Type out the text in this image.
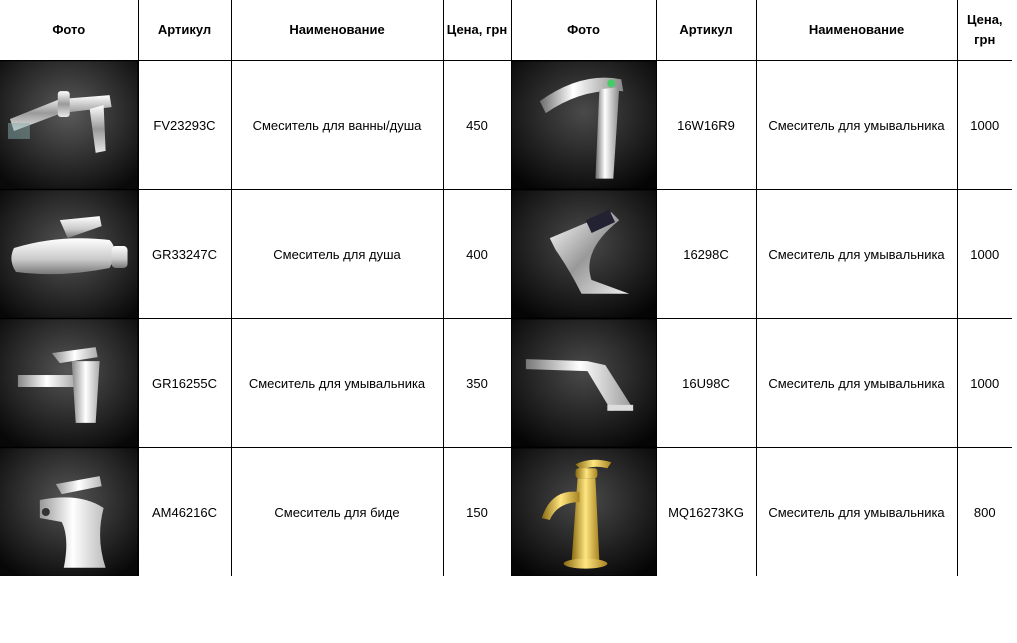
Фото	Артикул	Наименование	Цена, грн	Фото	Артикул	Наименование	Цена,
грн

	FV23293C	Смеситель для ванны/душа	450		16W16R9	Смеситель для умывальника	1000

	GR33247C	Смеситель для душа	400		16298C	Смеситель для умывальника	1000

	GR16255C	Смеситель для умывальника	350		16U98C	Смеситель для умывальника	1000

	AM46216C	Смеситель для биде	150		MQ16273KG	Смеситель для умывальника	800
